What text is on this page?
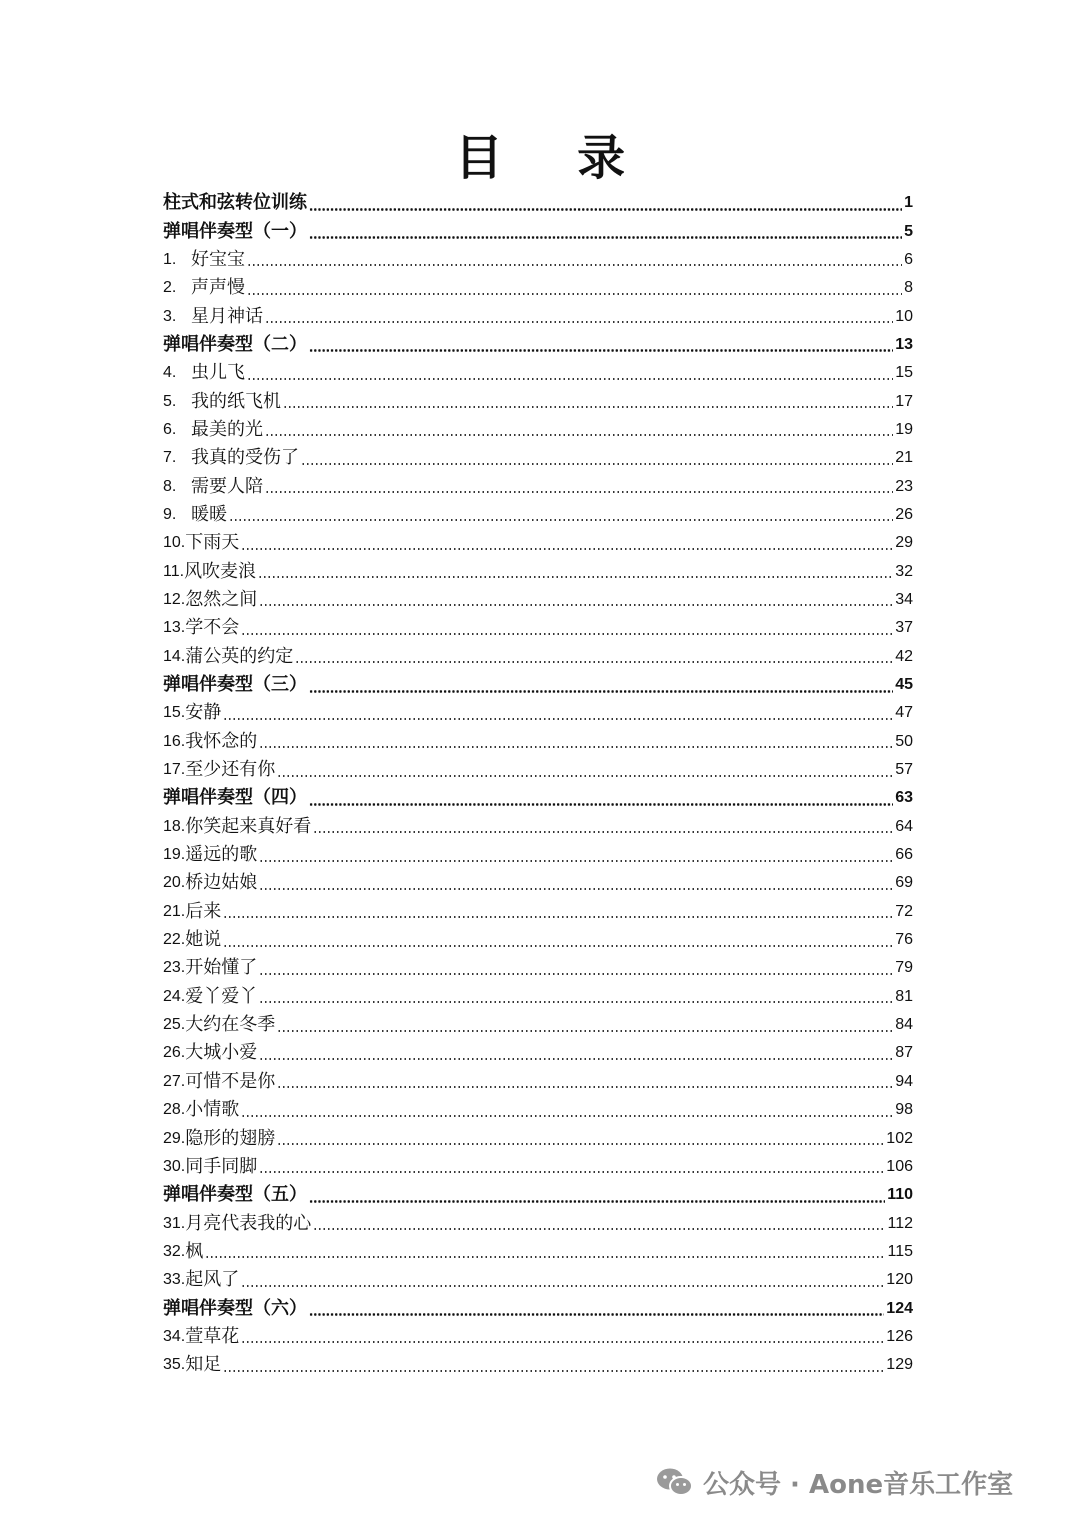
目 录
柱式和弦转位训练	1
弹唱伴奏型（一）	5
1. 好宝宝	6
2. 声声慢	8
3. 星月神话	10
弹唱伴奏型（二）	13
4. 虫儿飞	15
5. 我的纸飞机	17
6. 最美的光	19
7. 我真的受伤了	21
8. 需要人陪	23
9. 暖暖	26
10. 下雨天	29
11. 风吹麦浪	32
12. 忽然之间	34
13. 学不会	37
14. 蒲公英的约定	42
弹唱伴奏型（三）	45
15. 安静	47
16. 我怀念的	50
17. 至少还有你	57
弹唱伴奏型（四）	63
18. 你笑起来真好看	64
19. 遥远的歌	66
20. 桥边姑娘	69
21. 后来	72
22. 她说	76
23. 开始懂了	79
24. 爱丫爱丫	81
25. 大约在冬季	84
26. 大城小爱	87
27. 可惜不是你	94
28. 小情歌	98
29. 隐形的翅膀	102
30. 同手同脚	106
弹唱伴奏型（五）	110
31. 月亮代表我的心	112
32. 枫	115
33. 起风了	120
弹唱伴奏型（六）	124
34. 萱草花	126
35. 知足	129
公众号 · Aone音乐工作室
